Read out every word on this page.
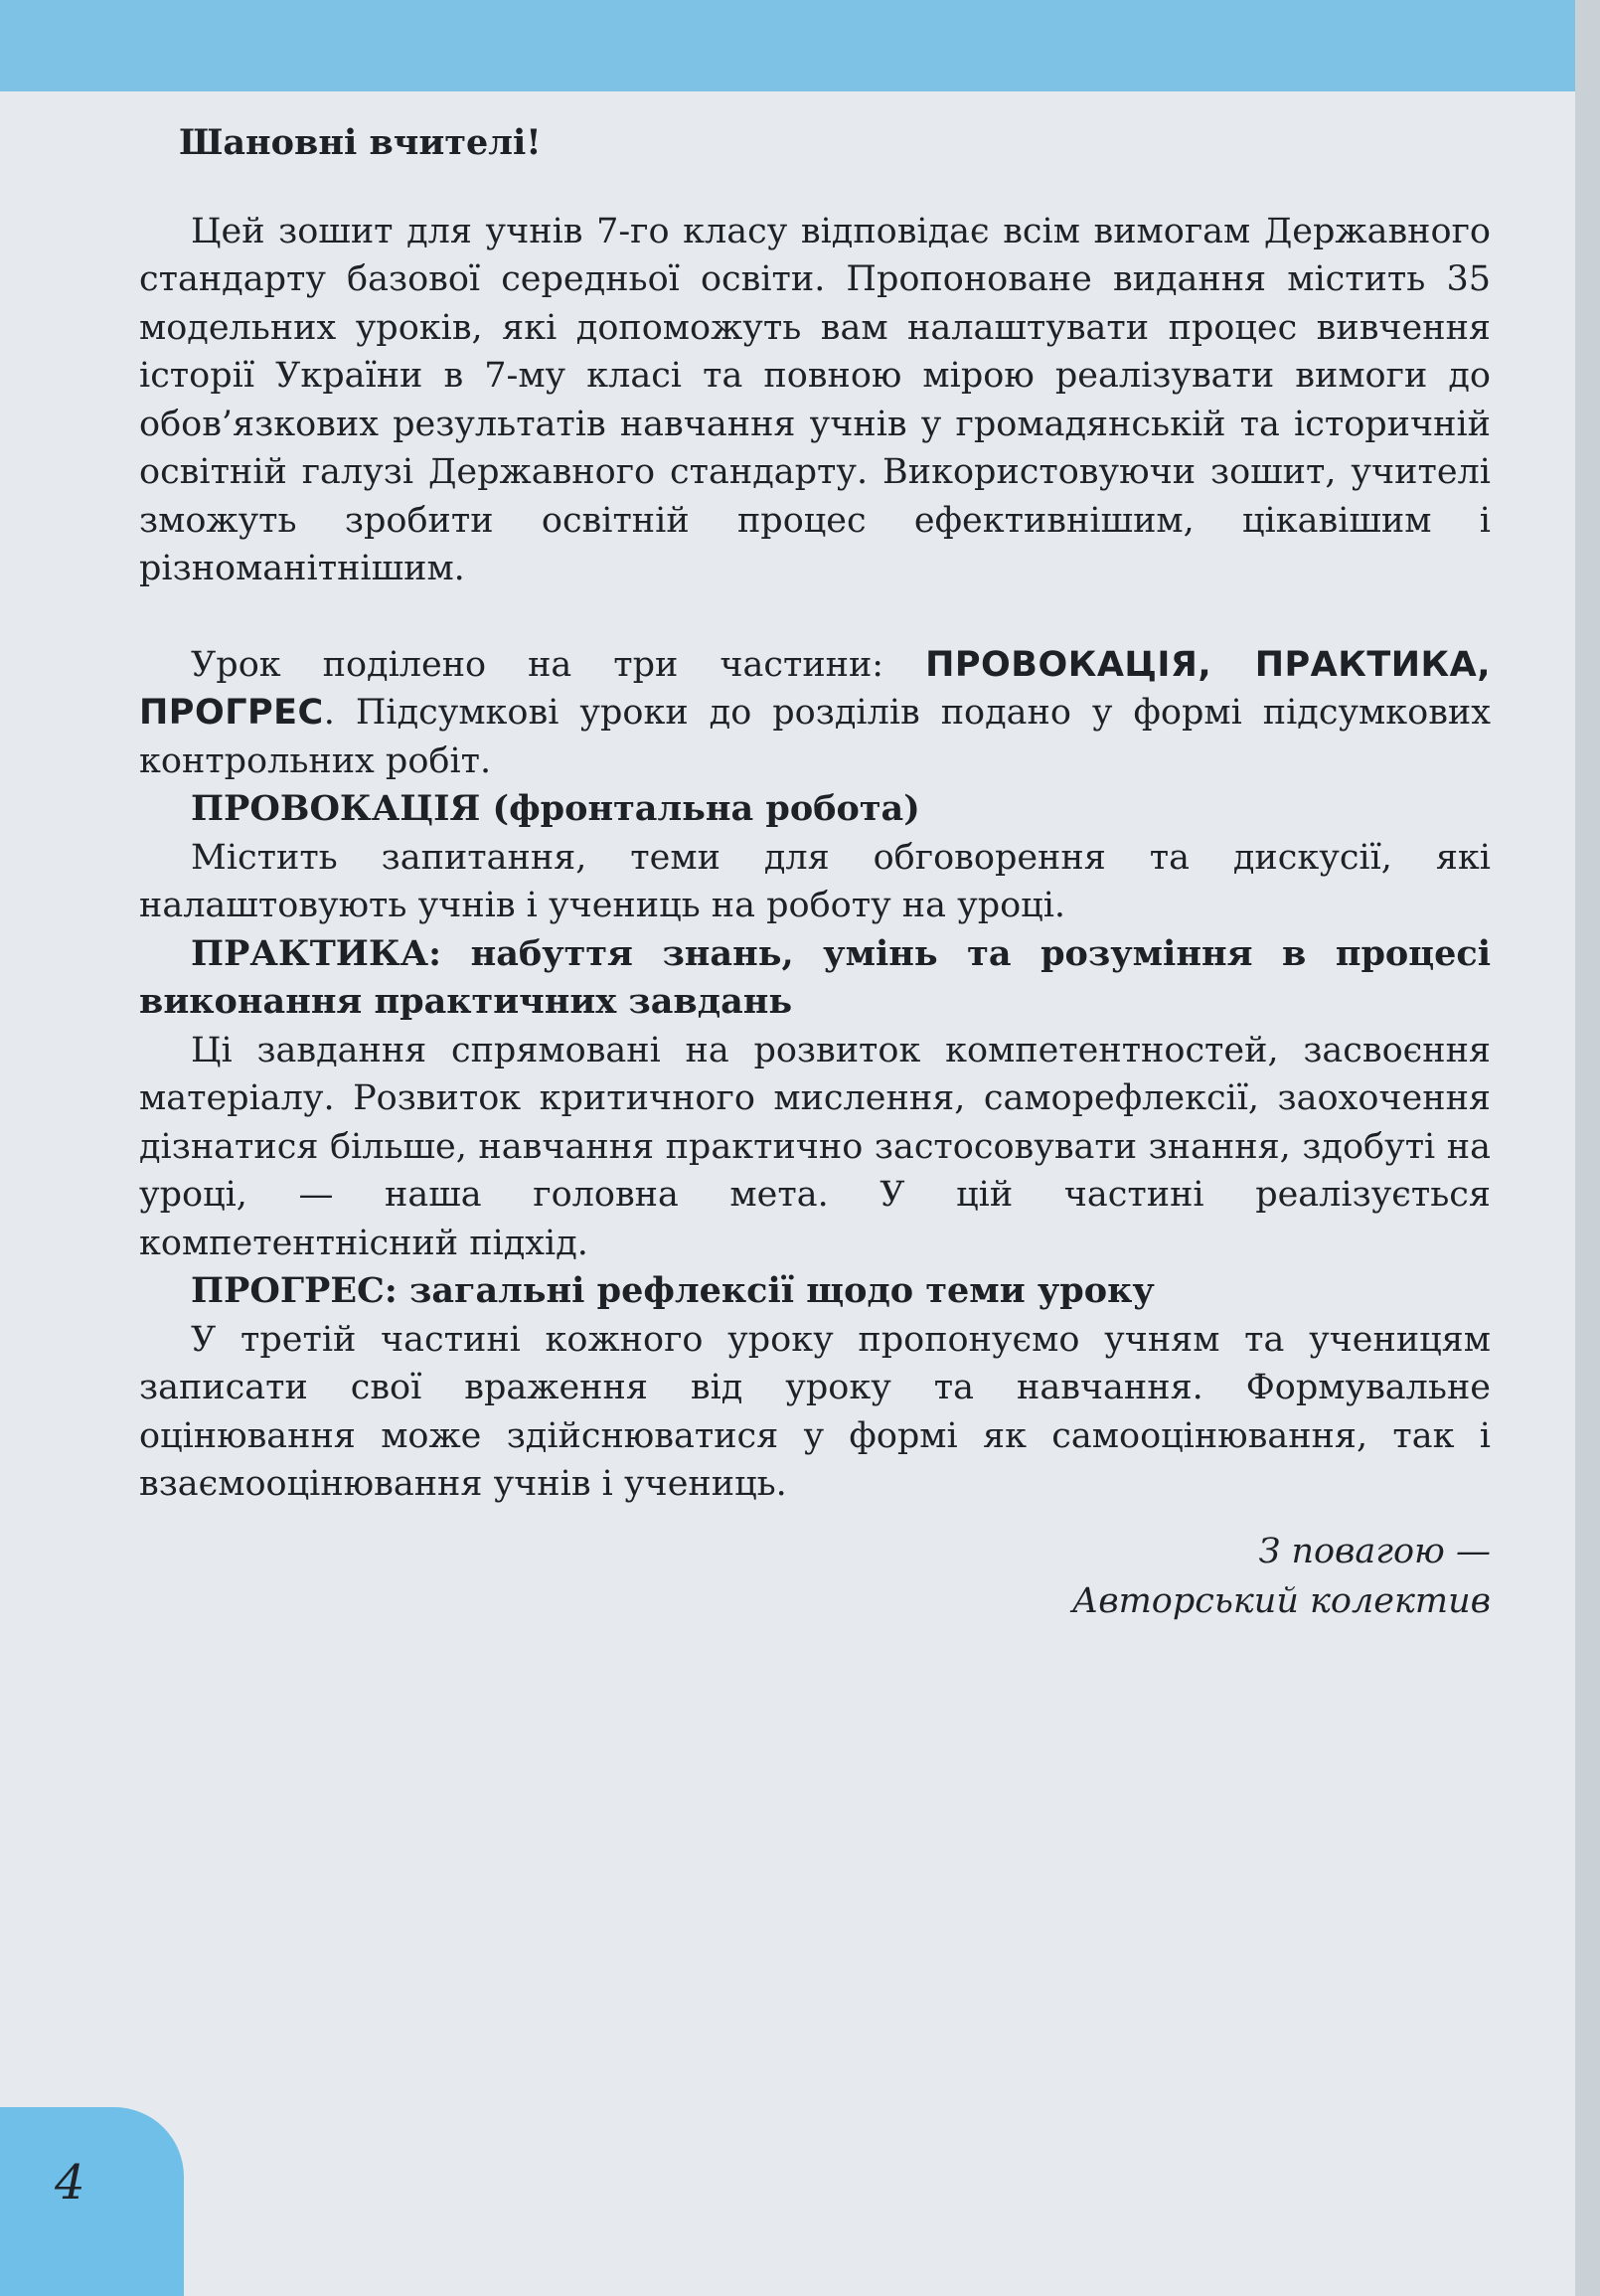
Шановні вчителі!

Цей зошит для учнів 7-го класу відповідає всім вимогам Державного стандарту базової середньої освіти. Пропоноване видання містить 35 модельних уроків, які допоможуть вам налаштувати процес вивчення історії України в 7-му класі та повною мірою реалізувати вимоги до обов’язкових результатів навчання учнів у громадянській та історичній освітній галузі Державного стандарту. Використовуючи зошит, учителі зможуть зробити освітній процес ефективнішим, цікавішим і різноманітнішим.

Урок поділено на три частини: ПРОВОКАЦІЯ, ПРАКТИКА, ПРОГРЕС. Підсумкові уроки до розділів подано у формі підсумкових контрольних робіт.

ПРОВОКАЦІЯ (фронтальна робота)

Містить запитання, теми для обговорення та дискусії, які налаштовують учнів і учениць на роботу на уроці.

ПРАКТИКА: набуття знань, умінь та розуміння в процесі виконання практичних завдань

Ці завдання спрямовані на розвиток компетентностей, засвоєння матеріалу. Розвиток критичного мислення, саморефлексії, заохочення дізнатися більше, навчання практично застосовувати знання, здобуті на уроці, — наша головна мета. У цій частині реалізується компетентнісний підхід.

ПРОГРЕС: загальні рефлексії щодо теми уроку

У третій частині кожного уроку пропонуємо учням та ученицям записати свої враження від уроку та навчання. Формувальне оцінювання може здійснюватися у формі як самооцінювання, так і взаємооцінювання учнів і учениць.

З повагою —
Авторський колектив
4
